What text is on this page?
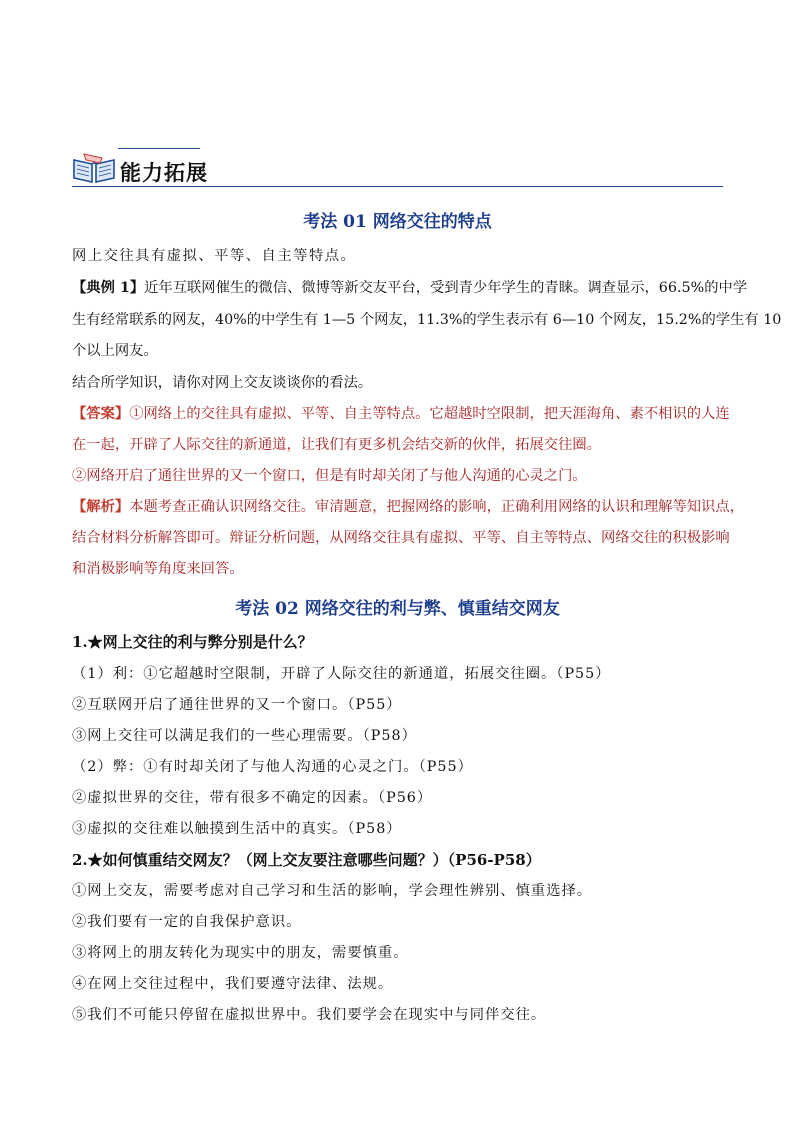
能力拓展
考法 01 网络交往的特点
网上交往具有虚拟、平等、自主等特点。
【典例 1】近年互联网催生的微信、微博等新交友平台，受到青少年学生的青睐。调查显示，66.5%的中学
生有经常联系的网友，40%的中学生有 1—5 个网友，11.3%的学生表示有 6—10 个网友，15.2%的学生有 10
个以上网友。
结合所学知识，请你对网上交友谈谈你的看法。
【答案】①网络上的交往具有虚拟、平等、自主等特点。它超越时空限制，把天涯海角、素不相识的人连
在一起，开辟了人际交往的新通道，让我们有更多机会结交新的伙伴，拓展交往圈。
②网络开启了通往世界的又一个窗口，但是有时却关闭了与他人沟通的心灵之门。
【解析】本题考查正确认识网络交往。审清题意，把握网络的影响，正确利用网络的认识和理解等知识点，
结合材料分析解答即可。辩证分析问题，从网络交往具有虚拟、平等、自主等特点、网络交往的积极影响
和消极影响等角度来回答。
考法 02 网络交往的利与弊、慎重结交网友
1.★网上交往的利与弊分别是什么？
（1）利：①它超越时空限制，开辟了人际交往的新通道，拓展交往圈。（P55）
②互联网开启了通往世界的又一个窗口。（P55）
③网上交往可以满足我们的一些心理需要。（P58）
（2）弊：①有时却关闭了与他人沟通的心灵之门。（P55）
②虚拟世界的交往，带有很多不确定的因素。（P56）
③虚拟的交往难以触摸到生活中的真实。（P58）
2.★如何慎重结交网友？（网上交友要注意哪些问题？）（P56-P58）
①网上交友，需要考虑对自己学习和生活的影响，学会理性辨别、慎重选择。
②我们要有一定的自我保护意识。
③将网上的朋友转化为现实中的朋友，需要慎重。
④在网上交往过程中，我们要遵守法律、法规。
⑤我们不可能只停留在虚拟世界中。我们要学会在现实中与同伴交往。
